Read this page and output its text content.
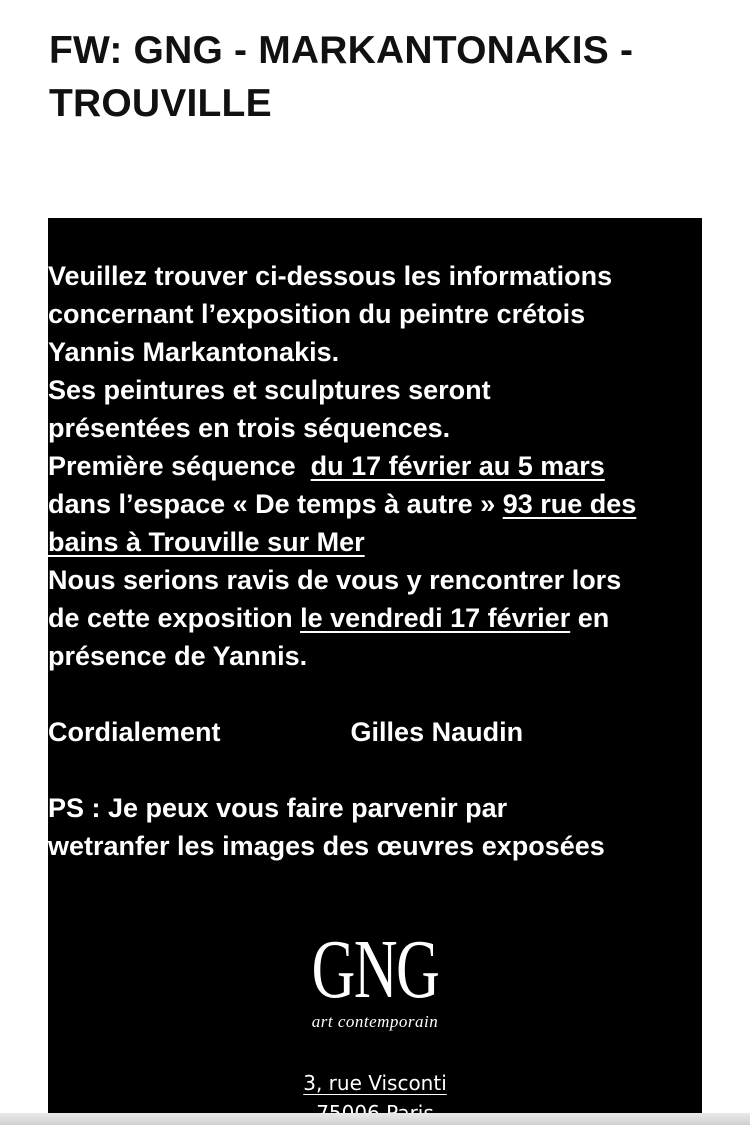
FW: GNG - MARKANTONAKIS - TROUVILLE
Veuillez trouver ci-dessous les informations
concernant l’exposition du peintre crétois
Yannis Markantonakis.
Ses peintures et sculptures seront
présentées en trois séquences.
Première séquence  du 17 février au 5 mars
dans l’espace « De temps à autre » 93 rue des
bains à Trouville sur Mer
Nous serions ravis de vous y rencontrer lors
de cette exposition le vendredi 17 février en
présence de Yannis.
Cordialement	Gilles Naudin
PS : Je peux vous faire parvenir par
wetranfer les images des œuvres exposées
GNG
art contemporain
3, rue Visconti
